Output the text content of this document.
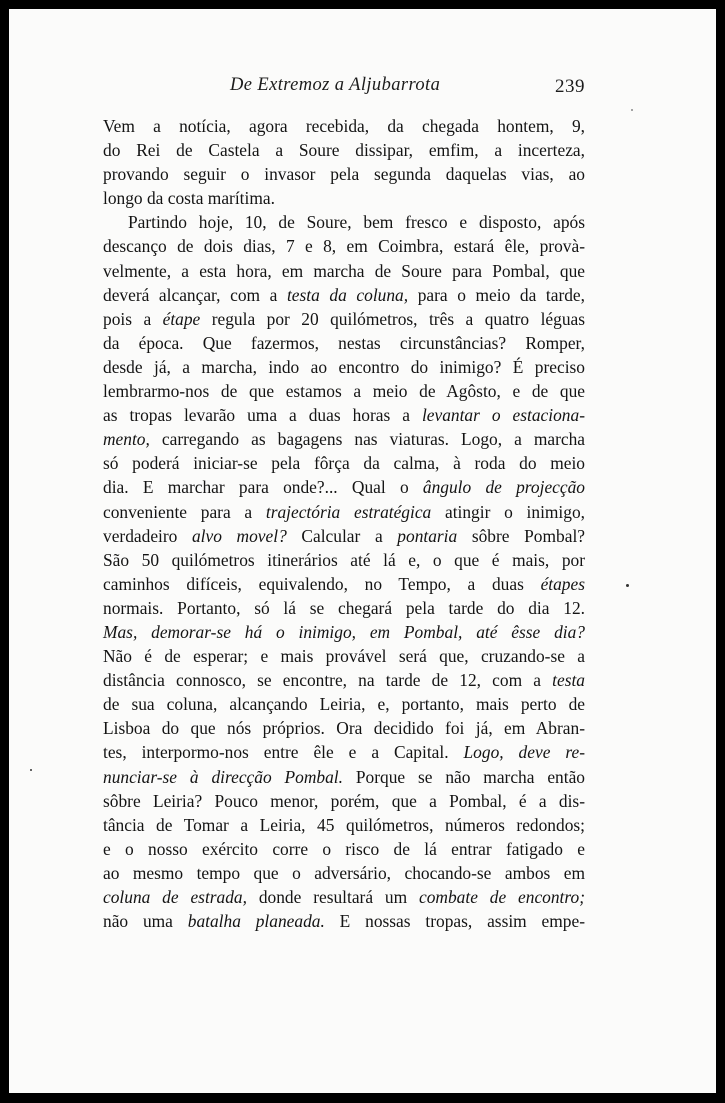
De Extremoz a Aljubarrota	239
Vem a notícia, agora recebida, da chegada hontem, 9,
do Rei de Castela a Soure dissipar, emfim, a incerteza,
provando seguir o invasor pela segunda daquelas vias, ao
longo da costa marítima.
Partindo hoje, 10, de Soure, bem fresco e disposto, após
descanço de dois dias, 7 e 8, em Coimbra, estará êle, provà-
velmente, a esta hora, em marcha de Soure para Pombal, que
deverá alcançar, com a testa da coluna, para o meio da tarde,
pois a étape regula por 20 quilómetros, três a quatro léguas
da época. Que fazermos, nestas circunstâncias? Romper,
desde já, a marcha, indo ao encontro do inimigo? É preciso
lembrarmo-nos de que estamos a meio de Agôsto, e de que
as tropas levarão uma a duas horas a levantar o estaciona-
mento, carregando as bagagens nas viaturas. Logo, a marcha
só poderá iniciar-se pela fôrça da calma, à roda do meio
dia. E marchar para onde?... Qual o ângulo de projecção
conveniente para a trajectória estratégica atingir o inimigo,
verdadeiro alvo movel? Calcular a pontaria sôbre Pombal?
São 50 quilómetros itinerários até lá e, o que é mais, por
caminhos difíceis, equivalendo, no Tempo, a duas étapes
normais. Portanto, só lá se chegará pela tarde do dia 12.
Mas, demorar-se há o inimigo, em Pombal, até êsse dia?
Não é de esperar; e mais provável será que, cruzando-se a
distância connosco, se encontre, na tarde de 12, com a testa
de sua coluna, alcançando Leiria, e, portanto, mais perto de
Lisboa do que nós próprios. Ora decidido foi já, em Abran-
tes, interpormo-nos entre êle e a Capital. Logo, deve re-
nunciar-se à direcção Pombal. Porque se não marcha então
sôbre Leiria? Pouco menor, porém, que a Pombal, é a dis-
tância de Tomar a Leiria, 45 quilómetros, números redondos;
e o nosso exército corre o risco de lá entrar fatigado e
ao mesmo tempo que o adversário, chocando-se ambos em
coluna de estrada, donde resultará um combate de encontro;
não uma batalha planeada. E nossas tropas, assim empe-
